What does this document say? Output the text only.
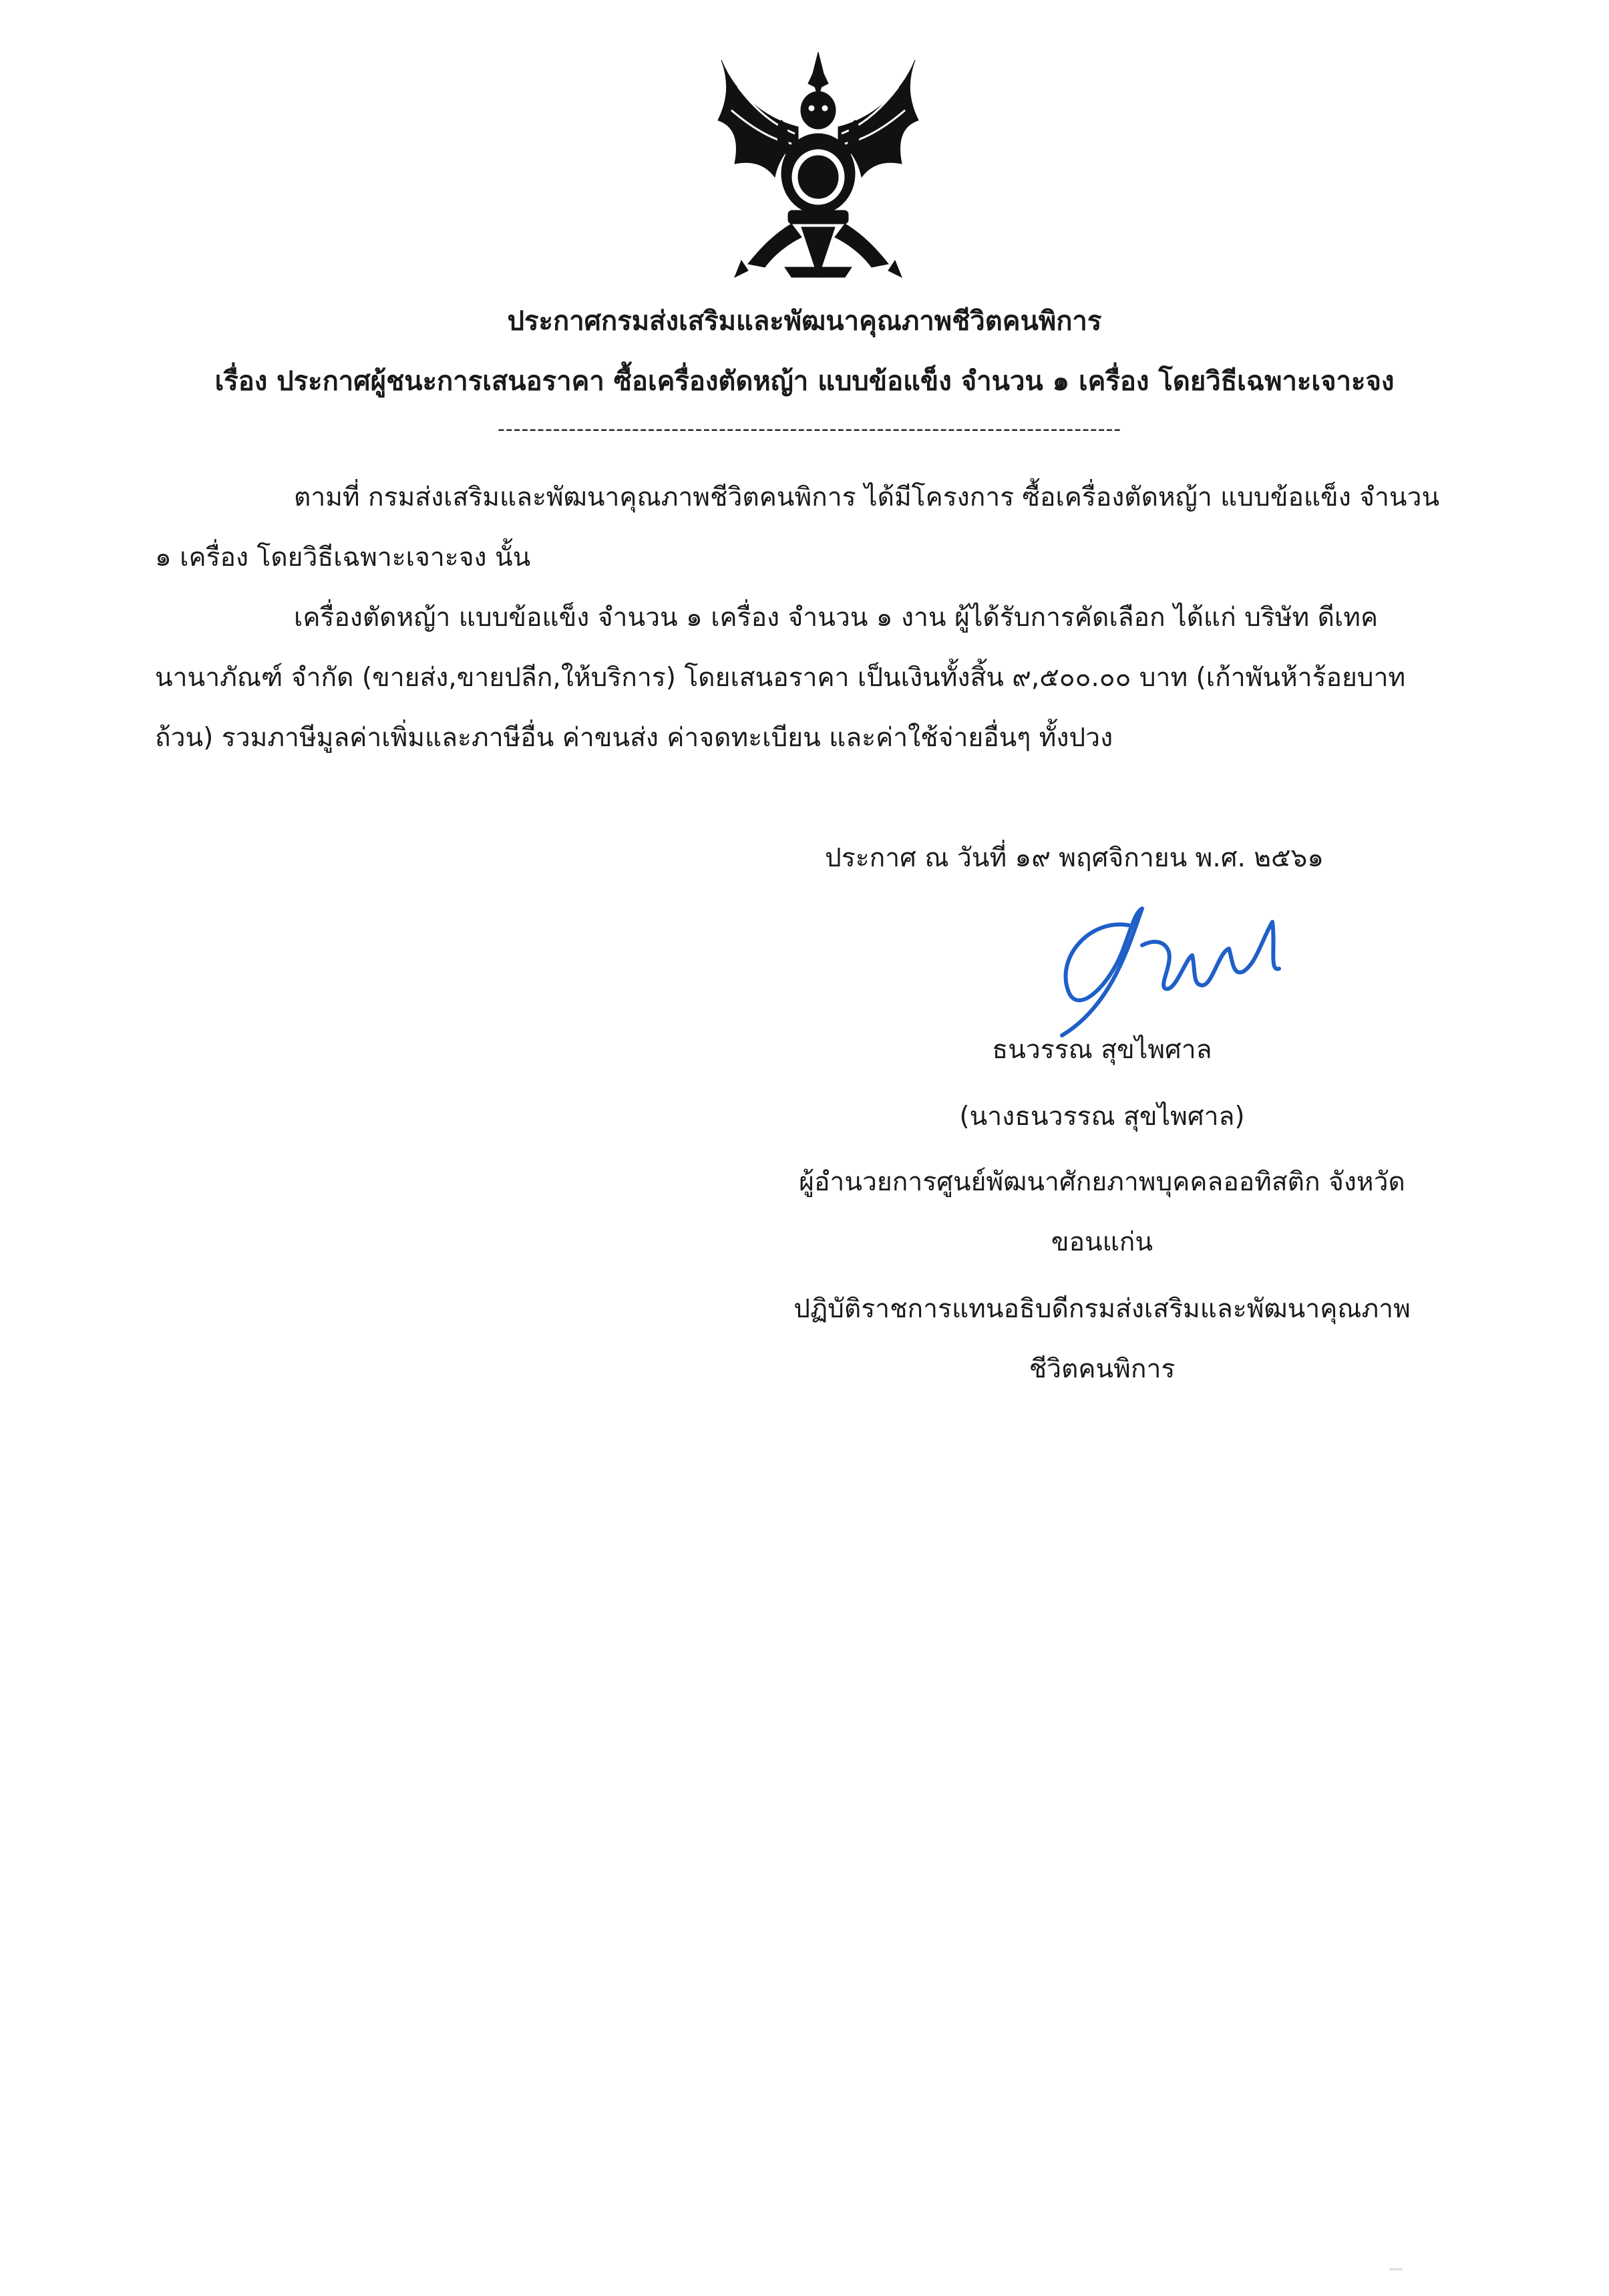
ประกาศกรมส่งเสริมและพัฒนาคุณภาพชีวิตคนพิการ

เรื่อง ประกาศผู้ชนะการเสนอราคา ซื้อเครื่องตัดหญ้า แบบข้อแข็ง จำนวน ๑ เครื่อง โดยวิธีเฉพาะเจาะจง

-------------------------------------------------------------------------------

ตามที่ กรมส่งเสริมและพัฒนาคุณภาพชีวิตคนพิการ ได้มีโครงการ ซื้อเครื่องตัดหญ้า แบบข้อแข็ง จำนวน

๑ เครื่อง โดยวิธีเฉพาะเจาะจง นั้น

เครื่องตัดหญ้า แบบข้อแข็ง จำนวน ๑ เครื่อง จำนวน ๑ งาน ผู้ได้รับการคัดเลือก ได้แก่ บริษัท ดีเทค

นานาภัณฑ์ จำกัด (ขายส่ง,ขายปลีก,ให้บริการ) โดยเสนอราคา เป็นเงินทั้งสิ้น ๙,๕๐๐.๐๐ บาท (เก้าพันห้าร้อยบาท

ถ้วน) รวมภาษีมูลค่าเพิ่มและภาษีอื่น ค่าขนส่ง ค่าจดทะเบียน และค่าใช้จ่ายอื่นๆ ทั้งปวง

ประกาศ ณ วันที่ ๑๙ พฤศจิกายน พ.ศ. ๒๕๖๑

ธนวรรณ สุขไพศาล

(นางธนวรรณ สุขไพศาล)

ผู้อำนวยการศูนย์พัฒนาศักยภาพบุคคลออทิสติก จังหวัด

ขอนแก่น

ปฏิบัติราชการแทนอธิบดีกรมส่งเสริมและพัฒนาคุณภาพ

ชีวิตคนพิการ
